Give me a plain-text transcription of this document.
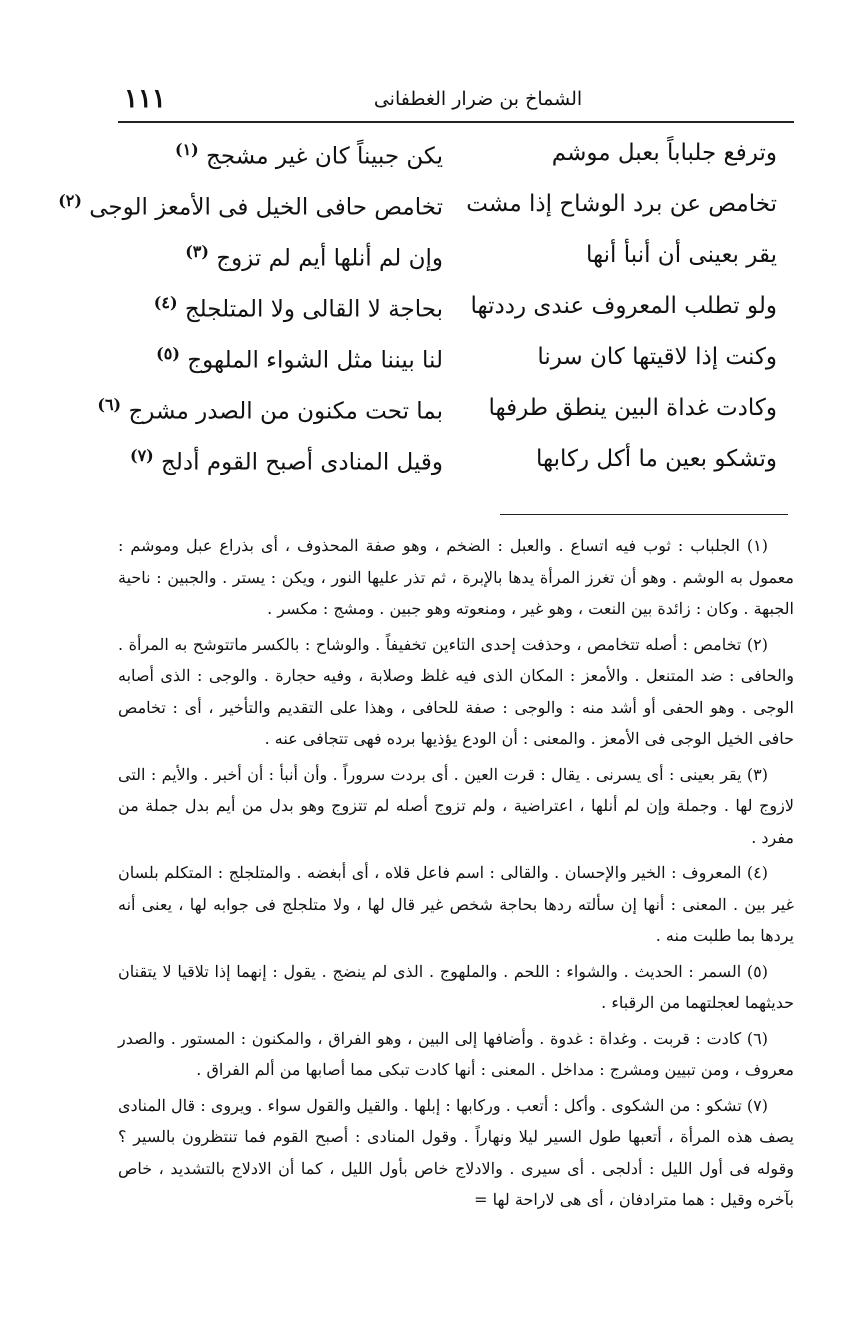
١١١	الشماخ بن ضرار الغطفانى
وترفع جلباباً بعبل موشم
يكن جبيناً كان غير مشجج $^{(١)}$
تخامص عن برد الوشاح إذا مشت
تخامص حافى الخيل فى الأمعز الوجى $^{(٢)}$
يقر بعينى أن أنبأ أنها
وإن لم أنلها أيم لم تزوج $^{(٣)}$
ولو تطلب المعروف عندى رددتها
بحاجة لا القالى ولا المتلجلج $^{(٤)}$
وكنت إذا لاقيتها كان سرنا
لنا بيننا مثل الشواء الملهوج $^{(٥)}$
وكادت غداة البين ينطق طرفها
بما تحت مكنون من الصدر مشرج $^{(٦)}$
وتشكو بعين ما أكل ركابها
وقيل المنادى أصبح القوم أدلج $^{(٧)}$

(١) الجلباب : ثوب فيه اتساع . والعبل : الضخم ، وهو صفة المحذوف ، أى بذراع عبل وموشم : معمول به الوشم . وهو أن تغرز المرأة يدها بالإبرة ، ثم تذر عليها النور ، ويكن : يستر . والجبين : ناحية الجبهة . وكان : زائدة بين النعت ، وهو غير ، ومنعوته وهو جبين . ومشج : مكسر .

(٢) تخامص : أصله تتخامص ، وحذفت إحدى التاءين تخفيفاً . والوشاح : بالكسر ماتتوشح به المرأة . والحافى : ضد المتنعل . والأمعز : المكان الذى فيه غلظ وصلابة ، وفيه حجارة . والوجى : الذى أصابه الوجى . وهو الحفى أو أشد منه : والوجى : صفة للحافى ، وهذا على التقديم والتأخير ، أى : تخامص حافى الخيل الوجى فى الأمعز . والمعنى : أن الودع يؤذيها برده فهى تتجافى عنه .

(٣) يقر بعينى : أى يسرنى . يقال : قرت العين . أى بردت سروراً . وأن أنبأ : أن أخبر . والأيم : التى لازوج لها . وجملة وإن لم أنلها ، اعتراضية ، ولم تزوج أصله لم تتزوج وهو بدل من أيم بدل جملة من مفرد .

(٤) المعروف : الخير والإحسان . والقالى : اسم فاعل قلاه ، أى أبغضه . والمتلجلج : المتكلم بلسان غير بين . المعنى : أنها إن سألته ردها بحاجة شخص غير قال لها ، ولا متلجلج فى جوابه لها ، يعنى أنه يردها بما طلبت منه .

(٥) السمر : الحديث . والشواء : اللحم . والملهوج . الذى لم ينضج . يقول : إنهما إذا تلاقيا لا يتقنان حديثهما لعجلتهما من الرقباء .

(٦) كادت : قربت . وغداة : غدوة . وأضافها إلى البين ، وهو الفراق ، والمكنون : المستور . والصدر معروف ، ومن تبيين ومشرج : مداخل . المعنى : أنها كادت تبكى مما أصابها من ألم الفراق .

(٧) تشكو : من الشكوى . وأكل : أتعب . وركابها : إبلها . والقيل والقول سواء . ويروى : قال المنادى يصف هذه المرأة ، أتعبها طول السير ليلا ونهاراً . وقول المنادى : أصبح القوم فما تنتظرون بالسير ؟ وقوله فى أول الليل : أدلجى . أى سيرى . والادلاج خاص بأول الليل ، كما أن الادلاج بالتشديد ، خاص بآخره وقيل : هما مترادفان ، أى هى لاراحة لها =
